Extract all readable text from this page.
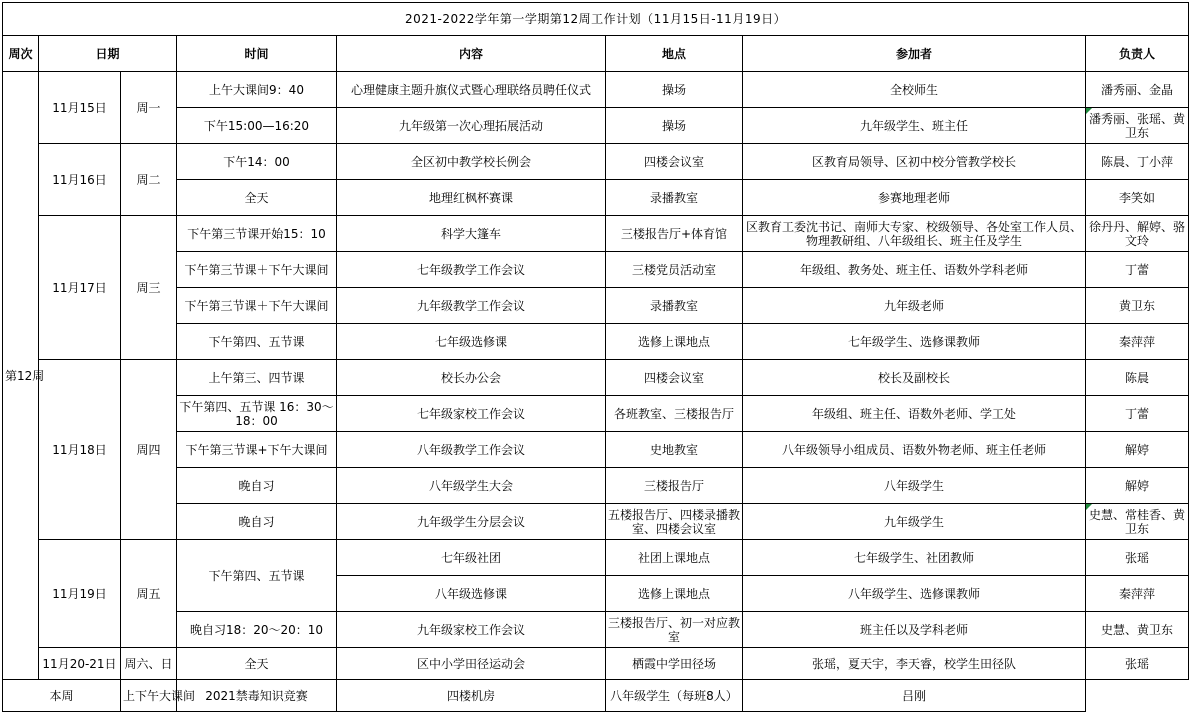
2021-2022学年第一学期第12周工作计划（11月15日-11月19日）							
周次	日期		时间	内容	地点	参加者	负责人
第12周	11月15日	周一	上午大课间9：40	心理健康主题升旗仪式暨心理联络员聘任仪式	操场	全校师生	潘秀丽、金晶
			下午15:00—16:20	九年级第一次心理拓展活动	操场	九年级学生、班主任	潘秀丽、张瑶、黄卫东
	11月16日	周二	下午14：00	全区初中教学校长例会	四楼会议室	区教育局领导、区初中校分管教学校长	陈晨、丁小萍
			全天	地理红枫杯赛课	录播教室	参赛地理老师	李笑如
	11月17日	周三	下午第三节课开始15：10	科学大篷车	三楼报告厅+体育馆	区教育工委沈书记、南师大专家、校级领导、各处室工作人员、物理教研组、八年级组长、班主任及学生	徐丹丹、解婷、骆文玲
			下午第三节课＋下午大课间	七年级教学工作会议	三楼党员活动室	年级组、教务处、班主任、语数外学科老师	丁蕾
			下午第三节课＋下午大课间	九年级教学工作会议	录播教室	九年级老师	黄卫东
			下午第四、五节课	七年级选修课	选修上课地点	七年级学生、选修课教师	秦萍萍
	11月18日	周四	上午第三、四节课	校长办公会	四楼会议室	校长及副校长	陈晨
			下午第四、五节课 16：30～18：00	七年级家校工作会议	各班教室、三楼报告厅	年级组、班主任、语数外老师、学工处	丁蕾
			下午第三节课+下午大课间	八年级教学工作会议	史地教室	八年级领导小组成员、语数外物老师、班主任老师	解婷
			晚自习	八年级学生大会	三楼报告厅	八年级学生	解婷
			晚自习	九年级学生分层会议	五楼报告厅、四楼录播教室、四楼会议室	九年级学生	史慧、常桂香、黄卫东
	11月19日	周五	下午第四、五节课	七年级社团	社团上课地点	七年级学生、社团教师	张瑶
				八年级选修课	选修上课地点	八年级学生、选修课教师	秦萍萍
			晚自习18：20～20：10	九年级家校工作会议	三楼报告厅、初一对应教室	班主任以及学科老师	史慧、黄卫东
	11月20-21日	周六、日	全天	区中小学田径运动会	栖霞中学田径场	张瑶，夏天宇，李天睿，校学生田径队	张瑶
本周		上下午大课间	2021禁毒知识竞赛	四楼机房	八年级学生（每班8人）	吕刚	
